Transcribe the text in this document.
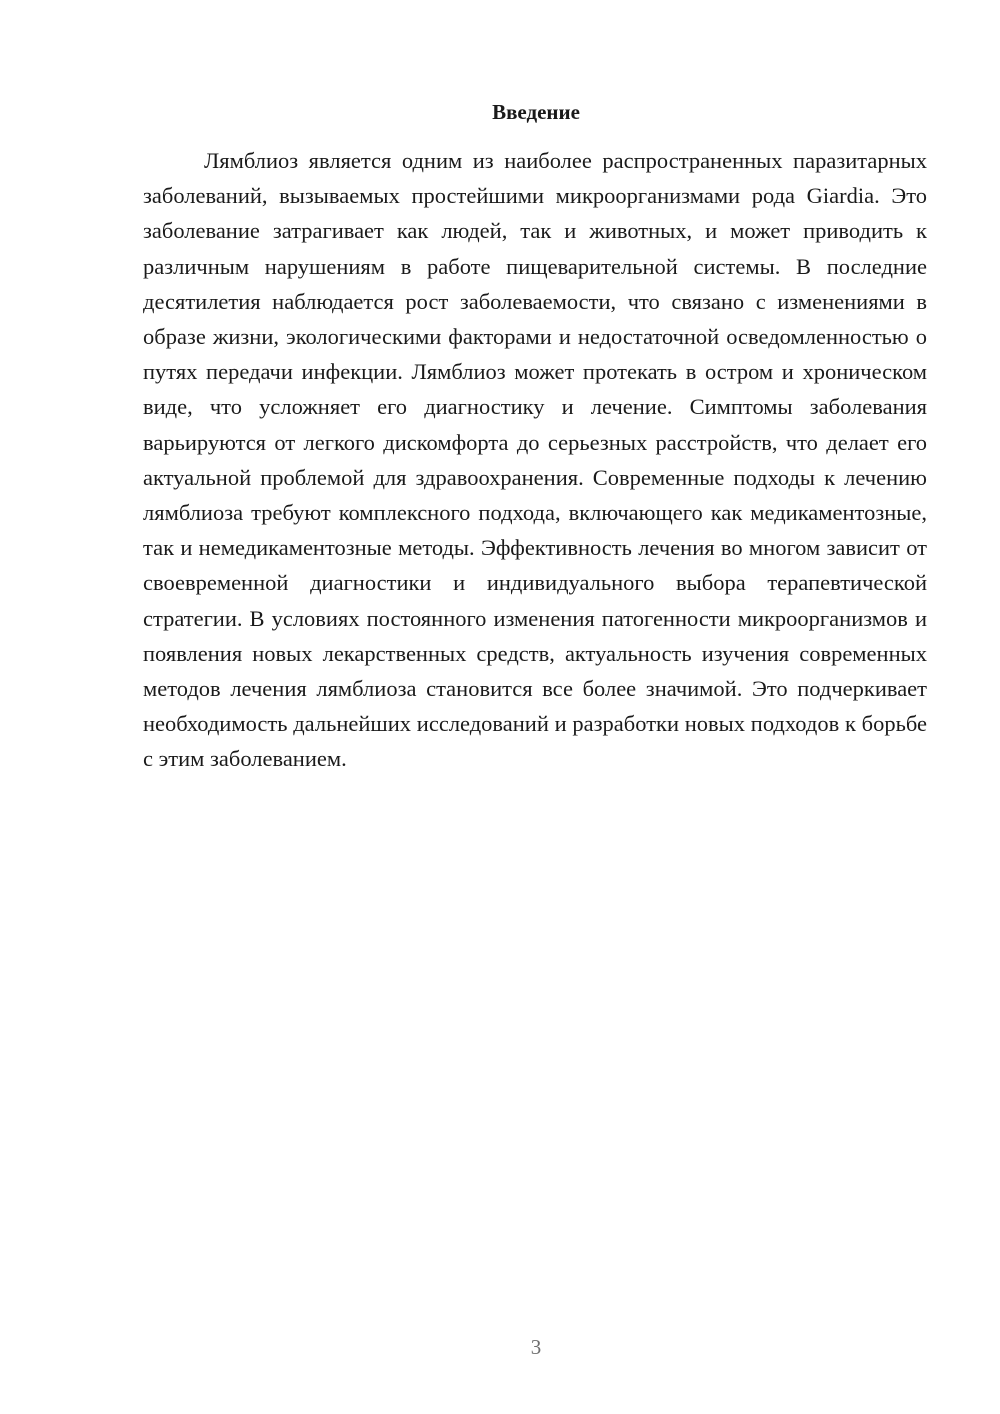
Введение

Лямблиоз является одним из наиболее распространенных паразитарных заболеваний, вызываемых простейшими микроорганизмами рода Giardia. Это заболевание затрагивает как людей, так и животных, и может приводить к различным нарушениям в работе пищеварительной системы. В последние десятилетия наблюдается рост заболеваемости, что связано с изменениями в образе жизни, экологическими факторами и недостаточной осведомленностью о путях передачи инфекции. Лямблиоз может протекать в остром и хроническом виде, что усложняет его диагностику и лечение. Симптомы заболевания варьируются от легкого дискомфорта до серьезных расстройств, что делает его актуальной проблемой для здравоохранения. Современные подходы к лечению лямблиоза требуют комплексного подхода, включающего как медикаментозные, так и немедикаментозные методы. Эффективность лечения во многом зависит от своевременной диагностики и индивидуального выбора терапевтической стратегии. В условиях постоянного изменения патогенности микроорганизмов и появления новых лекарственных средств, актуальность изучения современных методов лечения лямблиоза становится все более значимой. Это подчеркивает необходимость дальнейших исследований и разработки новых подходов к борьбе с этим заболеванием.

3
